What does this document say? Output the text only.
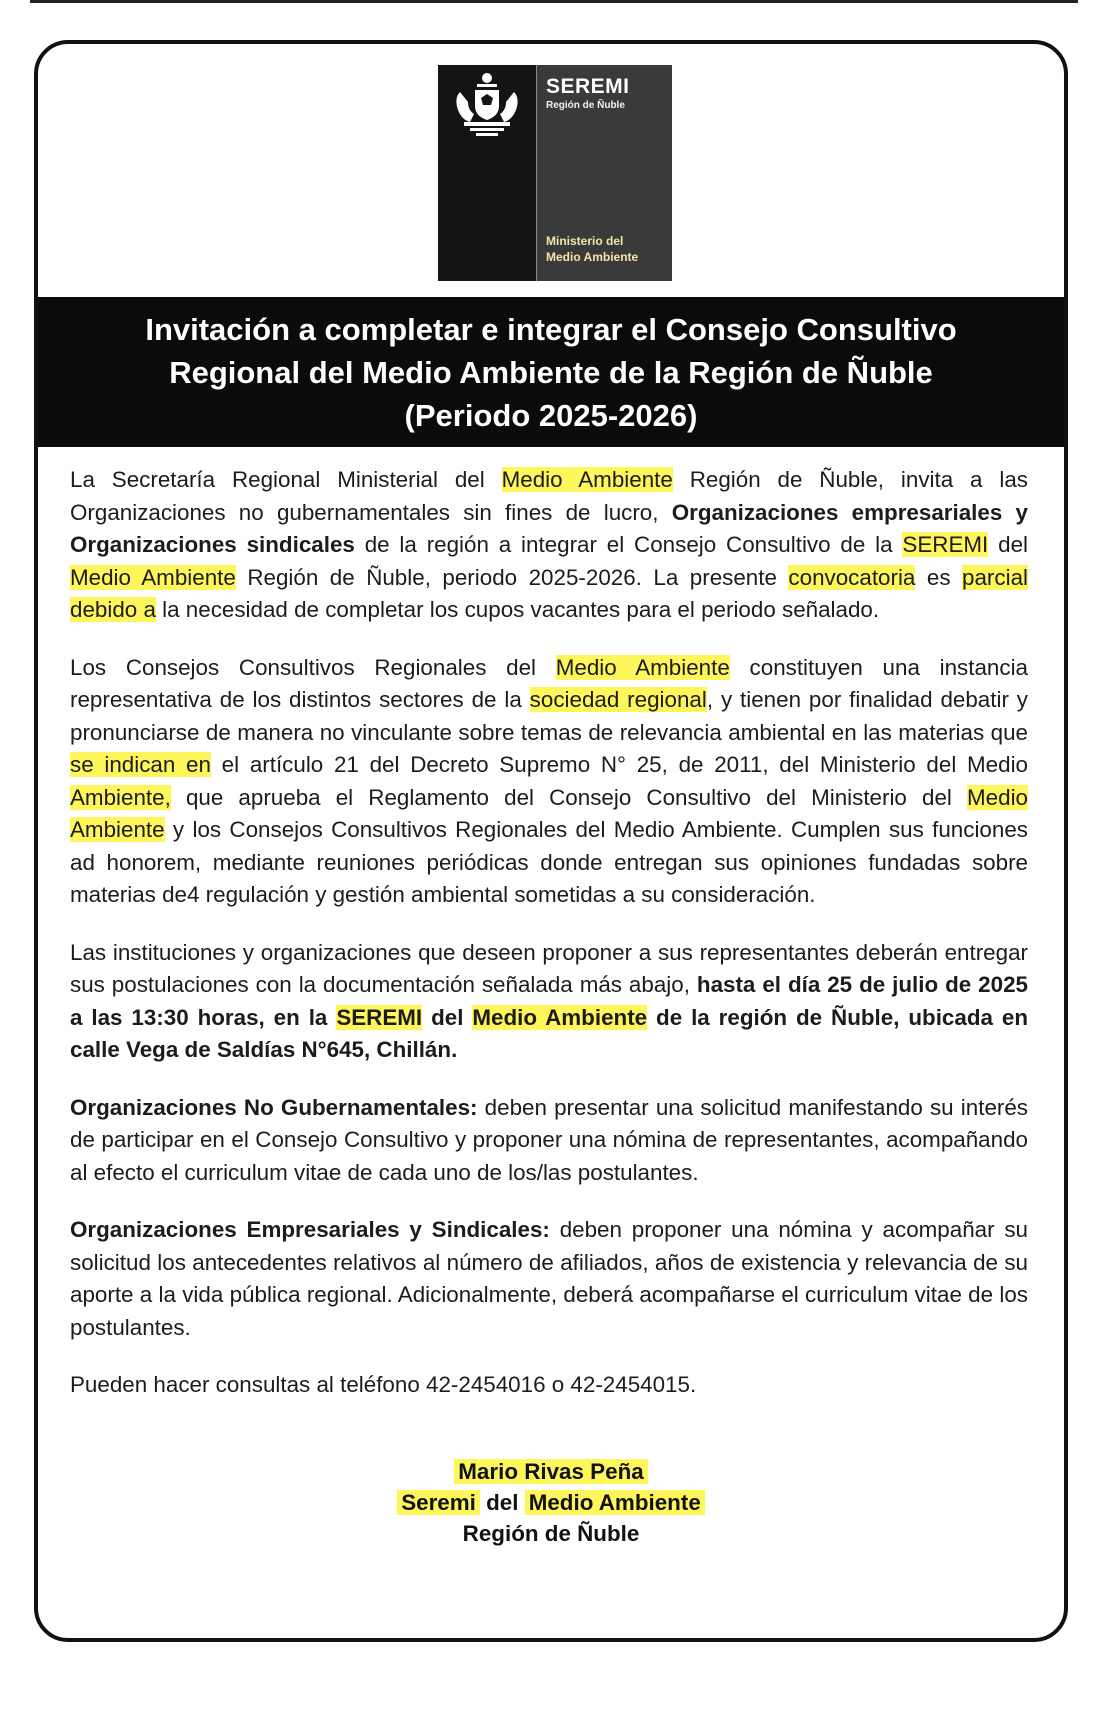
SEREMI
Región de Ñuble
Ministerio del
Medio Ambiente
Invitación a completar e integrar el Consejo Consultivo
Regional del Medio Ambiente de la Región de Ñuble
(Periodo 2025-2026)

La Secretaría Regional Ministerial del Medio Ambiente Región de Ñuble, invita a las Organizaciones no gubernamentales sin fines de lucro, Organizaciones empresariales y Organizaciones sindicales de la región a integrar el Consejo Consultivo de la SEREMI del Medio Ambiente Región de Ñuble, periodo 2025-2026. La presente convocatoria es parcial debido a la necesidad de completar los cupos vacantes para el periodo señalado.

Los Consejos Consultivos Regionales del Medio Ambiente constituyen una instancia representativa de los distintos sectores de la sociedad regional, y tienen por finalidad debatir y pronunciarse de manera no vinculante sobre temas de relevancia ambiental en las materias que se indican en el artículo 21 del Decreto Supremo N° 25, de 2011, del Ministerio del Medio Ambiente, que aprueba el Reglamento del Consejo Consultivo del Ministerio del Medio Ambiente y los Consejos Consultivos Regionales del Medio Ambiente. Cumplen sus funciones ad honorem, mediante reuniones periódicas donde entregan sus opiniones fundadas sobre materias de4 regulación y gestión ambiental sometidas a su consideración.

Las instituciones y organizaciones que deseen proponer a sus representantes deberán entregar sus postulaciones con la documentación señalada más abajo, hasta el día 25 de julio de 2025 a las 13:30 horas, en la SEREMI del Medio Ambiente de la región de Ñuble, ubicada en calle Vega de Saldías N°645, Chillán.

Organizaciones No Gubernamentales: deben presentar una solicitud manifestando su interés de participar en el Consejo Consultivo y proponer una nómina de representantes, acompañando al efecto el curriculum vitae de cada uno de los/las postulantes.

Organizaciones Empresariales y Sindicales: deben proponer una nómina y acompañar su solicitud los antecedentes relativos al número de afiliados, años de existencia y relevancia de su aporte a la vida pública regional. Adicionalmente, deberá acompañarse el curriculum vitae de los postulantes.

Pueden hacer consultas al teléfono 42-2454016 o 42-2454015.

Mario Rivas Peña
Seremi del Medio Ambiente
Región de Ñuble
